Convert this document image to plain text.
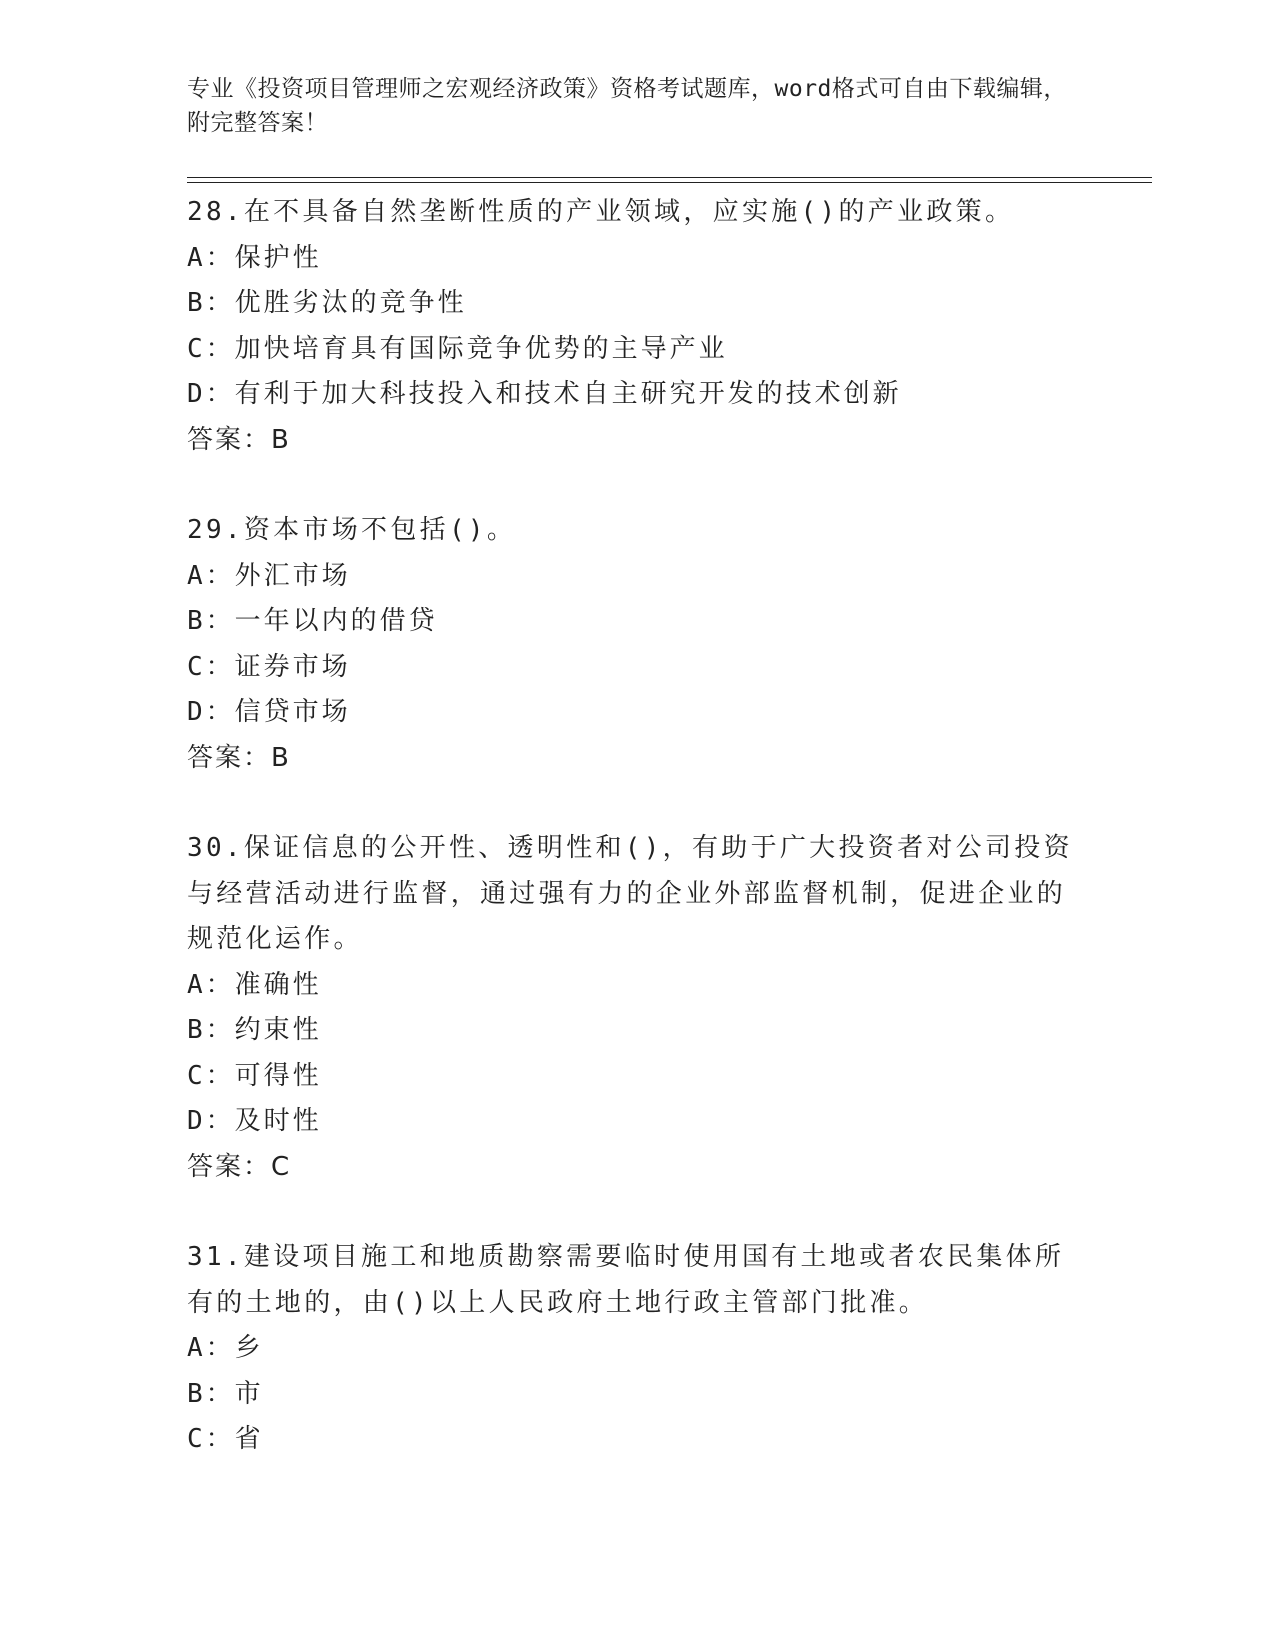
专业《投资项目管理师之宏观经济政策》资格考试题库，word格式可自由下载编辑，附完整答案！
28.在不具备自然垄断性质的产业领域，应实施()的产业政策。
A：保护性
B：优胜劣汰的竞争性
C：加快培育具有国际竞争优势的主导产业
D：有利于加大科技投入和技术自主研究开发的技术创新
答案：B
29.资本市场不包括()。
A：外汇市场
B：一年以内的借贷
C：证券市场
D：信贷市场
答案：B
30.保证信息的公开性、透明性和()，有助于广大投资者对公司投资与经营活动进行监督，通过强有力的企业外部监督机制，促进企业的规范化运作。
A：准确性
B：约束性
C：可得性
D：及时性
答案：C
31.建设项目施工和地质勘察需要临时使用国有土地或者农民集体所有的土地的，由()以上人民政府土地行政主管部门批准。
A：乡
B：市
C：省
